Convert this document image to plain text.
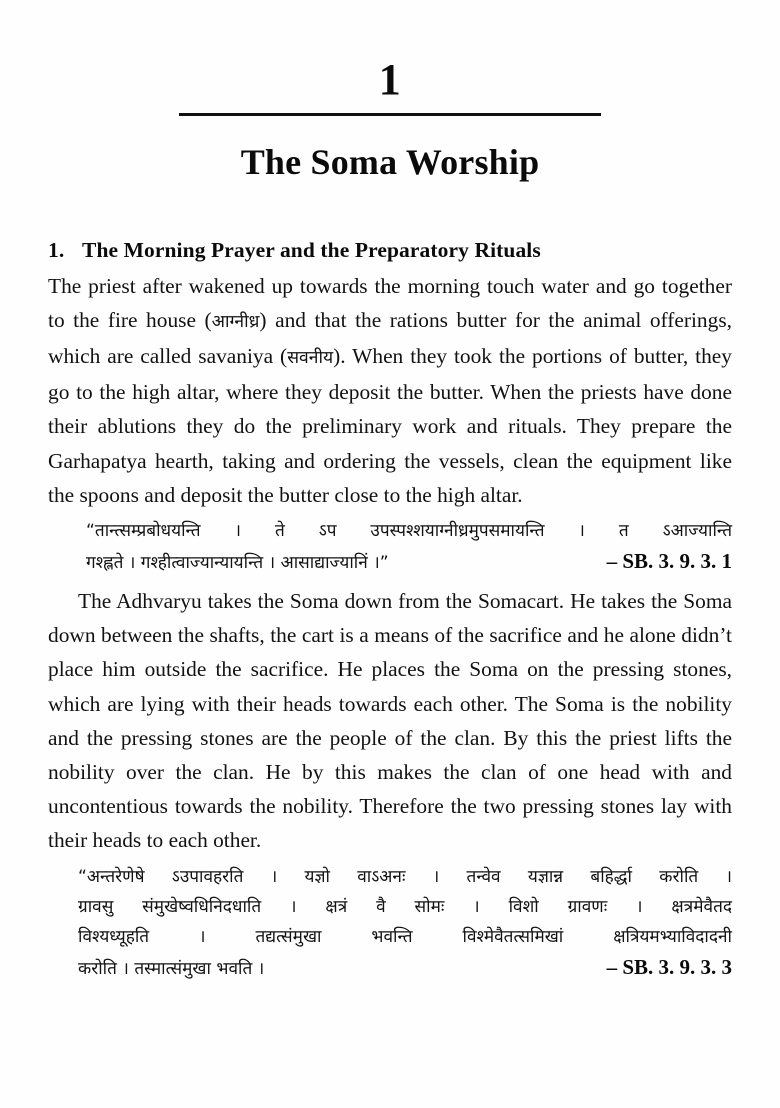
1
The Soma Worship
1. The Morning Prayer and the Preparatory Rituals

The priest after wakened up towards the morning touch water and go together to the fire house (आग्नीध्र) and that the rations butter for the animal offerings, which are called savaniya (सवनीय). When they took the portions of butter, they go to the high altar, where they deposit the butter. When the priests have done their ablutions they do the preliminary work and rituals. They prepare the Garhapatya hearth, taking and ordering the vessels, clean the equipment like the spoons and deposit the butter close to the high altar.

“तान्त्सम्प्रबोधयन्ति । ते ऽप उपस्पश्शयाग्नीध्रमुपसमायन्ति । त ऽआज्यान्ति
गश्ह्लते । गश्हीत्वाज्यान्यायन्ति । आसाद्याज्यानिं ।”	– SB. 3. 9. 3. 1

The Adhvaryu takes the Soma down from the Somacart. He takes the Soma down between the shafts, the cart is a means of the sacrifice and he alone didn’t place him outside the sacrifice. He places the Soma on the pressing stones, which are lying with their heads towards each other. The Soma is the nobility and the pressing stones are the people of the clan. By this the priest lifts the nobility over the clan. He by this makes the clan of one head with and uncontentious towards the nobility. Therefore the two pressing stones lay with their heads to each other.

“अन्तरेणेषे ऽउपावहरति । यज्ञो वाऽअनः । तन्वेव यज्ञान्न बहिर्द्धा करोति ।
ग्रावसु संमुखेष्वधिनिदधाति । क्षत्रं वै सोमः । विशो ग्रावणः । क्षत्रमेवैतद
विश्यध्यूहति । तद्यत्संमुखा भवन्ति विश्मेवैतत्समिखां क्षत्रियमभ्याविदादनी
करोति । तस्मात्संमुखा भवति ।	– SB. 3. 9. 3. 3
